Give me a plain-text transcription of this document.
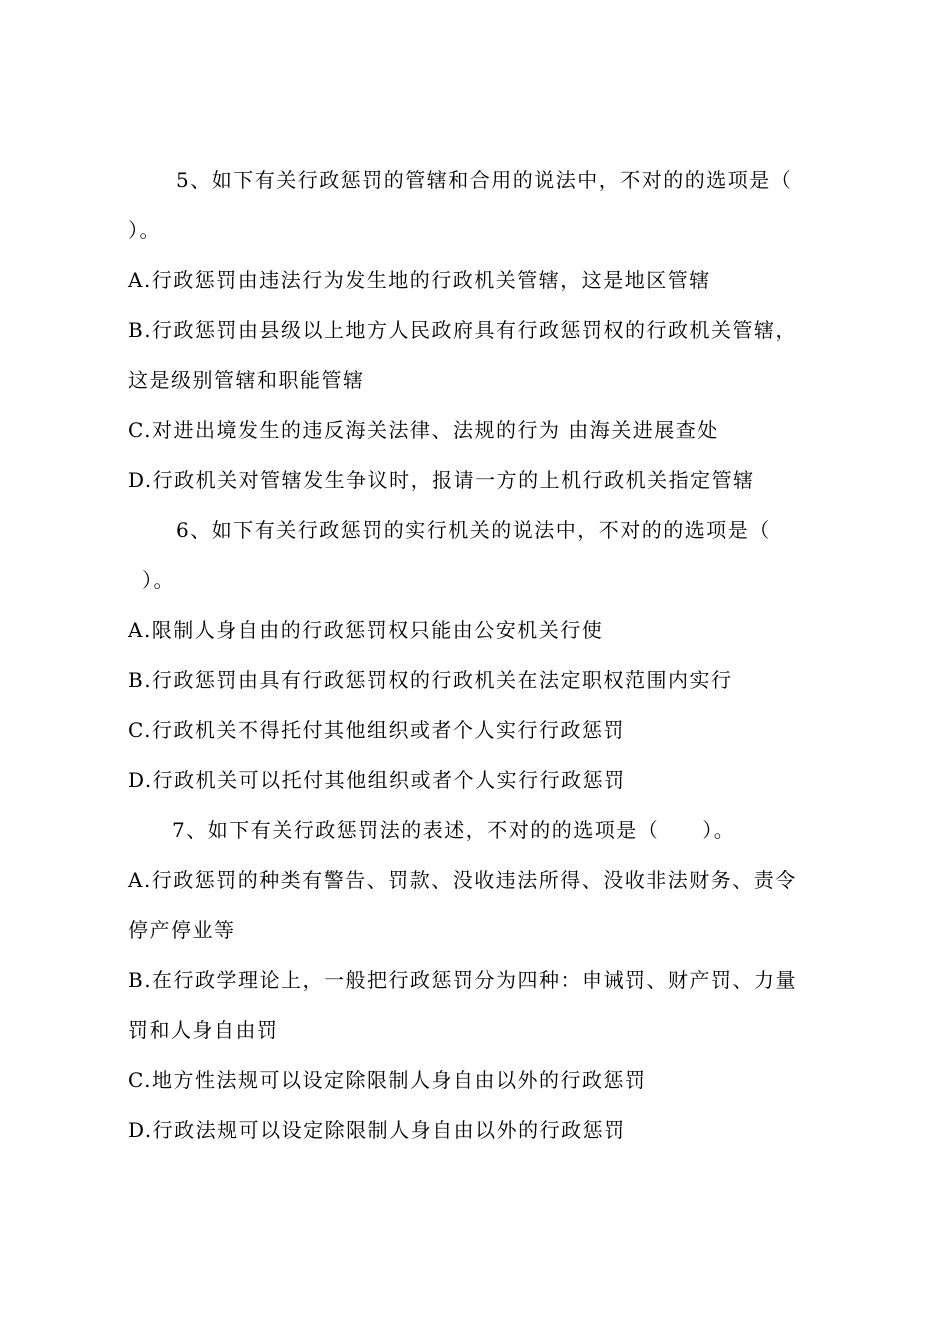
5、如下有关行政惩罚的管辖和合用的说法中，不对的的选项是（
）。
A.行政惩罚由违法行为发生地的行政机关管辖，这是地区管辖
B.行政惩罚由县级以上地方人民政府具有行政惩罚权的行政机关管辖，
这是级别管辖和职能管辖
C.对进出境发生的违反海关法律、法规的行为 由海关进展查处
D.行政机关对管辖发生争议时，报请一方的上机行政机关指定管辖
6、如下有关行政惩罚的实行机关的说法中，不对的的选项是（
）。
A.限制人身自由的行政惩罚权只能由公安机关行使
B.行政惩罚由具有行政惩罚权的行政机关在法定职权范围内实行
C.行政机关不得托付其他组织或者个人实行行政惩罚
D.行政机关可以托付其他组织或者个人实行行政惩罚
7、如下有关行政惩罚法的表述，不对的的选项是（　　）。
A.行政惩罚的种类有警告、罚款、没收违法所得、没收非法财务、责令
停产停业等
B.在行政学理论上，一般把行政惩罚分为四种：申诫罚、财产罚、力量
罚和人身自由罚
C.地方性法规可以设定除限制人身自由以外的行政惩罚
D.行政法规可以设定除限制人身自由以外的行政惩罚
